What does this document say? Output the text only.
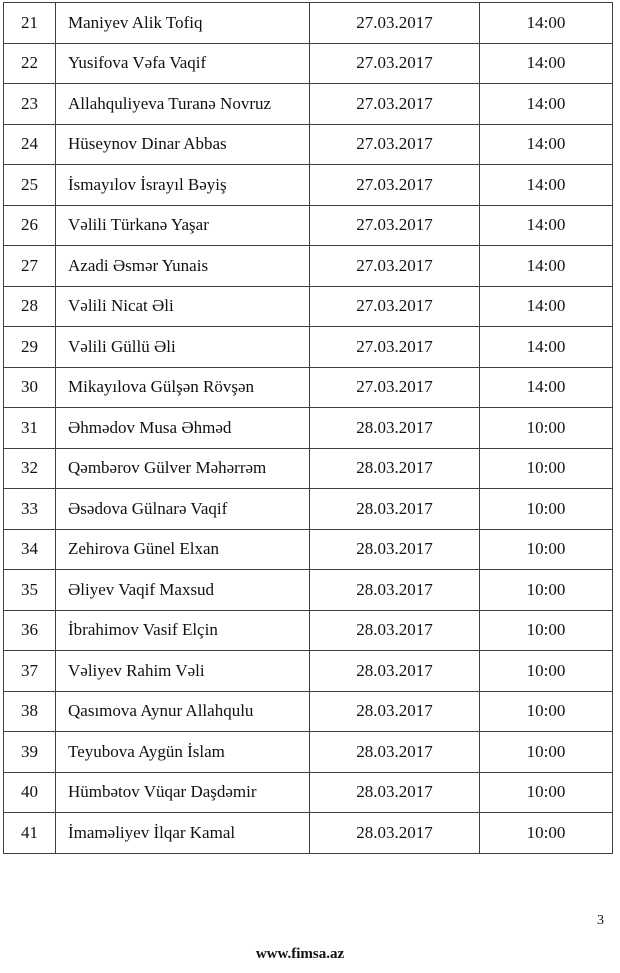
21	Maniyev Alik Tofiq	27.03.2017	14:00
22	Yusifova Vəfa Vaqif	27.03.2017	14:00
23	Allahquliyeva Turanə Novruz	27.03.2017	14:00
24	Hüseynov Dinar Abbas	27.03.2017	14:00
25	İsmayılov İsrayıl Bəyiş	27.03.2017	14:00
26	Vəlili Türkanə Yaşar	27.03.2017	14:00
27	Azadi Əsmər Yunais	27.03.2017	14:00
28	Vəlili Nicat Əli	27.03.2017	14:00
29	Vəlili Güllü Əli	27.03.2017	14:00
30	Mikayılova Gülşən Rövşən	27.03.2017	14:00
31	Əhmədov Musa Əhməd	28.03.2017	10:00
32	Qəmbərov Gülver Məhərrəm	28.03.2017	10:00
33	Əsədova Gülnarə Vaqif	28.03.2017	10:00
34	Zehirova Günel Elxan	28.03.2017	10:00
35	Əliyev Vaqif Maxsud	28.03.2017	10:00
36	İbrahimov Vasif Elçin	28.03.2017	10:00
37	Vəliyev Rahim Vəli	28.03.2017	10:00
38	Qasımova Aynur Allahqulu	28.03.2017	10:00
39	Teyubova Aygün İslam	28.03.2017	10:00
40	Hümbətov Vüqar Daşdəmir	28.03.2017	10:00
41	İmaməliyev İlqar Kamal	28.03.2017	10:00
3
www.fimsa.az
